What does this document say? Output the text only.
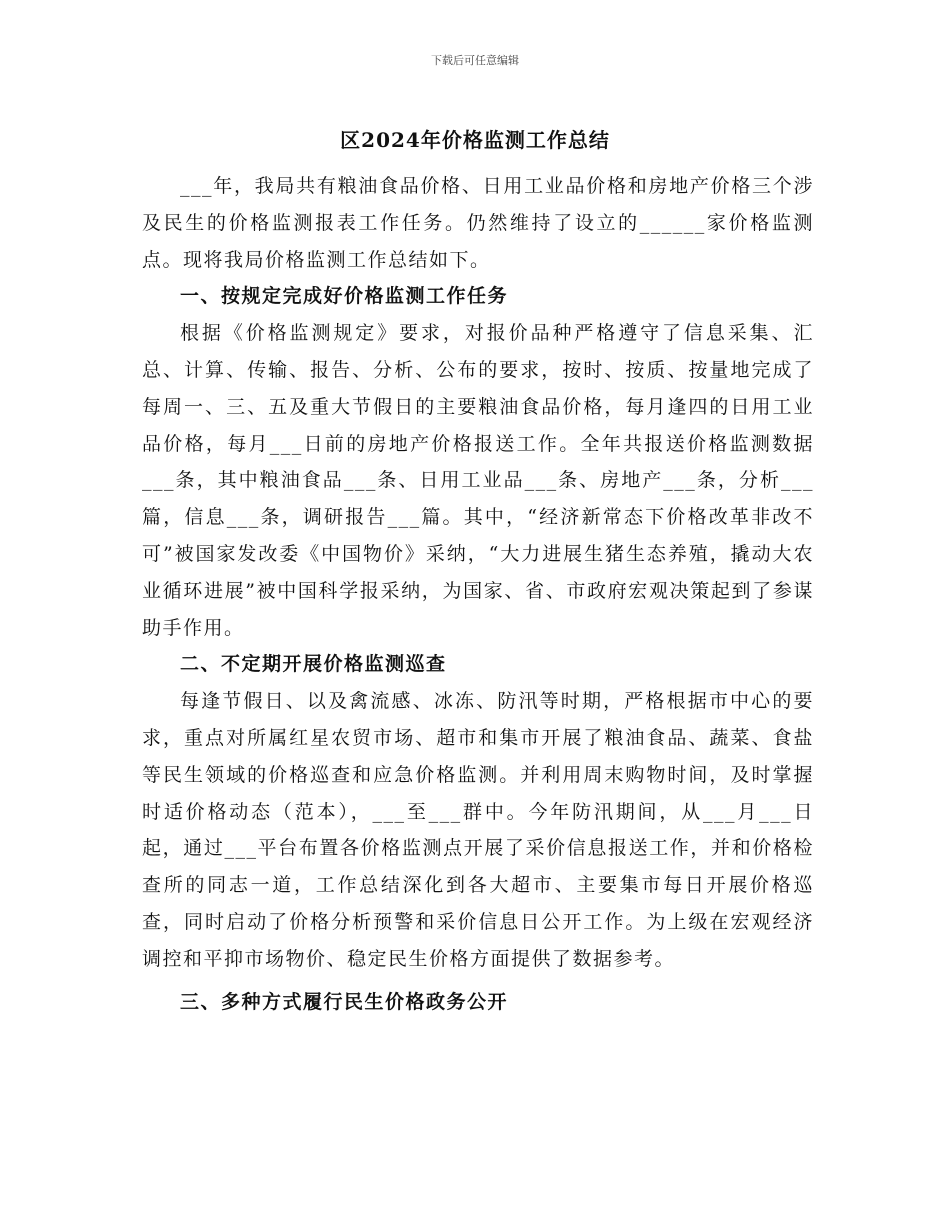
下载后可任意编辑
区2024年价格监测工作总结

___年，我局共有粮油食品价格、日用工业品价格和房地产价格三个涉及民生的价格监测报表工作任务。仍然维持了设立的______家价格监测点。现将我局价格监测工作总结如下。

一、按规定完成好价格监测工作任务

根据《价格监测规定》要求，对报价品种严格遵守了信息采集、汇总、计算、传输、报告、分析、公布的要求，按时、按质、按量地完成了每周一、三、五及重大节假日的主要粮油食品价格，每月逢四的日用工业品价格，每月___日前的房地产价格报送工作。全年共报送价格监测数据___条，其中粮油食品___条、日用工业品___条、房地产___条，分析___篇，信息___条，调研报告___篇。其中，“经济新常态下价格改革非改不可”被国家发改委《中国物价》采纳，“大力进展生猪生态养殖，撬动大农业循环进展”被中国科学报采纳，为国家、省、市政府宏观决策起到了参谋助手作用。

二、不定期开展价格监测巡查

每逢节假日、以及禽流感、冰冻、防汛等时期，严格根据市中心的要求，重点对所属红星农贸市场、超市和集市开展了粮油食品、蔬菜、食盐等民生领域的价格巡查和应急价格监测。并利用周末购物时间，及时掌握时适价格动态（范本），___至___群中。今年防汛期间，从___月___日起，通过___平台布置各价格监测点开展了采价信息报送工作，并和价格检查所的同志一道，工作总结深化到各大超市、主要集市每日开展价格巡查，同时启动了价格分析预警和采价信息日公开工作。为上级在宏观经济调控和平抑市场物价、稳定民生价格方面提供了数据参考。

三、多种方式履行民生价格政务公开
